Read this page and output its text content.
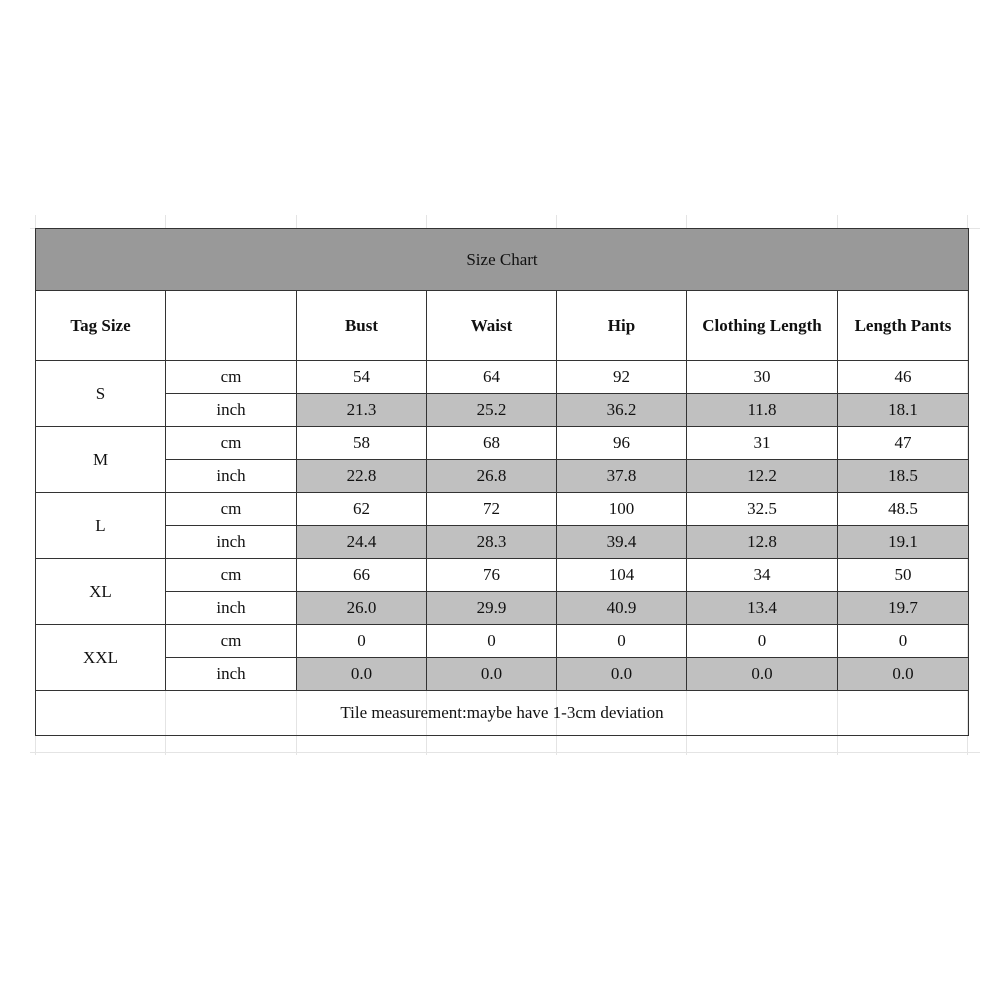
Size Chart						
Tag Size		Bust	Waist	Hip	Clothing Length	Length Pants
S	cm	54	64	92	30	46
	inch	21.3	25.2	36.2	11.8	18.1
M	cm	58	68	96	31	47
	inch	22.8	26.8	37.8	12.2	18.5
L	cm	62	72	100	32.5	48.5
	inch	24.4	28.3	39.4	12.8	19.1
XL	cm	66	76	104	34	50
	inch	26.0	29.9	40.9	13.4	19.7
XXL	cm	0	0	0	0	0
	inch	0.0	0.0	0.0	0.0	0.0
Tile measurement:maybe have 1-3cm deviation						
